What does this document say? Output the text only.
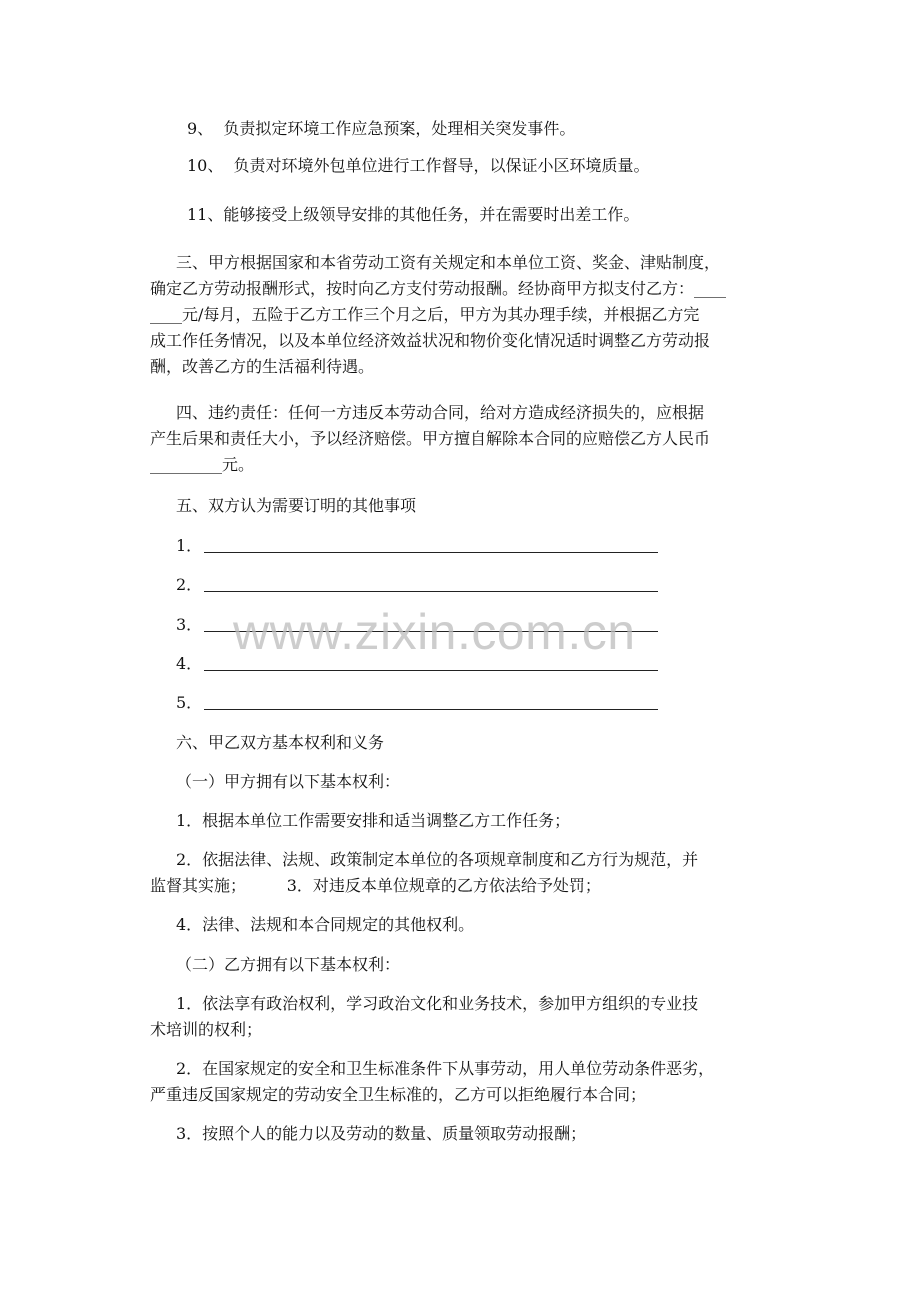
9、  负责拟定环境工作应急预案，处理相关突发事件。
10、  负责对环境外包单位进行工作督导，以保证小区环境质量。
11、能够接受上级领导安排的其他任务，并在需要时出差工作。
三、甲方根据国家和本省劳动工资有关规定和本单位工资、奖金、津贴制度，
确定乙方劳动报酬形式，按时向乙方支付劳动报酬。经协商甲方拟支付乙方：____
____元/每月，五险于乙方工作三个月之后，甲方为其办理手续，并根据乙方完
成工作任务情况，以及本单位经济效益状况和物价变化情况适时调整乙方劳动报
酬，改善乙方的生活福利待遇。
四、违约责任：任何一方违反本劳动合同，给对方造成经济损失的，应根据
产生后果和责任大小，予以经济赔偿。甲方擅自解除本合同的应赔偿乙方人民币
_________元。
五、双方认为需要订明的其他事项
1．
2．
3．
4．
5．
六、甲乙双方基本权利和义务
（一）甲方拥有以下基本权利：
1．根据本单位工作需要安排和适当调整乙方工作任务；
2．依据法律、法规、政策制定本单位的各项规章制度和乙方行为规范，并
监督其实施；        3．对违反本单位规章的乙方依法给予处罚；
4．法律、法规和本合同规定的其他权利。
（二）乙方拥有以下基本权利：
1．依法享有政治权利，学习政治文化和业务技术，参加甲方组织的专业技
术培训的权利；
2．在国家规定的安全和卫生标准条件下从事劳动，用人单位劳动条件恶劣，
严重违反国家规定的劳动安全卫生标准的，乙方可以拒绝履行本合同；
3．按照个人的能力以及劳动的数量、质量领取劳动报酬；
www.zixin.com.cn
